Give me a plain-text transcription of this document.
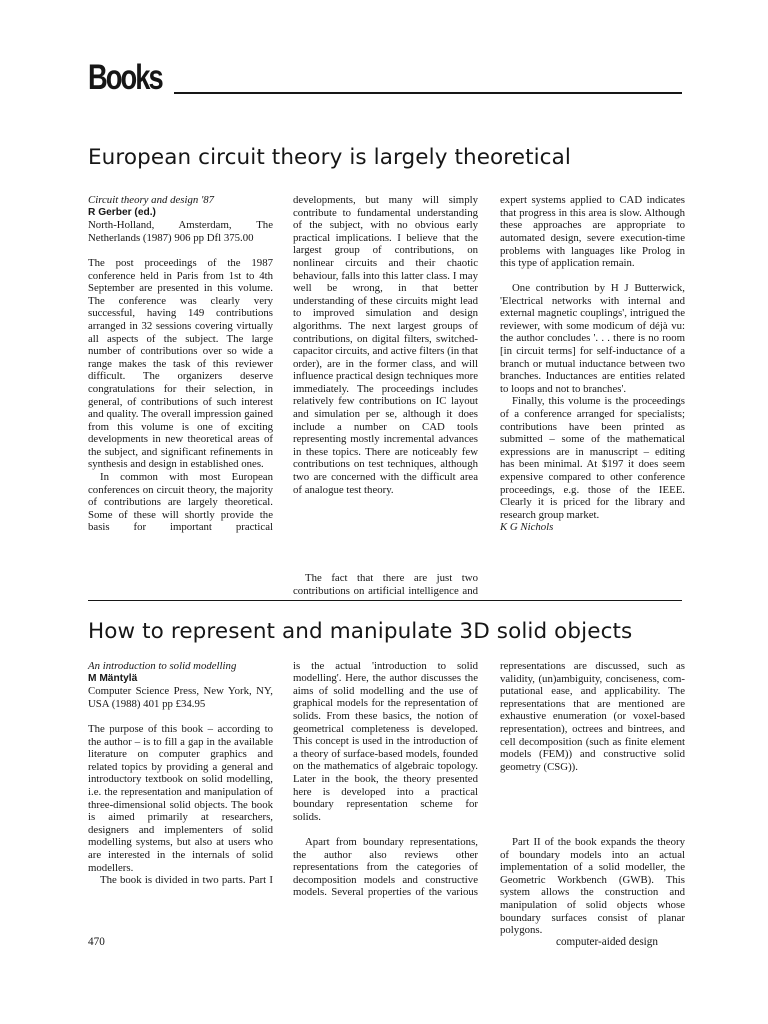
Books
European circuit theory is largely theoretical
Circuit theory and design '87
R Gerber (ed.)

North-Holland, Amsterdam, The Netherlands (1987) 906 pp Dfl 375.00

The post proceedings of the 1987 conference held in Paris from 1st to 4th September are presented in this volume. The conference was clearly very successful, having 149 contributions arranged in 32 sessions covering virtually all aspects of the subject. The large number of contributions over so wide a range makes the task of this reviewer difficult. The organizers deserve congratulations for their selection, in general, of contributions of such interest and quality. The overall impression gained from this volume is one of exciting developments in new theoretical areas of the subject, and significant refinements in synthesis and design in established ones.

In common with most European conferences on circuit theory, the majority of contributions are largely theoretical. Some of these will shortly provide the basis for important practical

developments, but many will simply contribute to fundamental understanding of the subject, with no obvious early practical implications. I believe that the largest group of contributions, on nonlinear circuits and their chaotic behaviour, falls into this latter class. I may well be wrong, in that better understanding of these circuits might lead to improved simulation and design algorithms. The next largest groups of contributions, on digital filters, switched-capacitor circuits, and active filters (in that order), are in the former class, and will influence practical design techniques more immediately. The proceedings includes relatively few contributions on IC layout and simulation per se, although it does include a number on CAD tools representing mostly incremental advances in these topics. There are noticeably few contributions on test techniques, although two are concerned with the difficult area of analogue test theory.

The fact that there are just two contributions on artificial intelligence and

expert systems applied to CAD indicates that progress in this area is slow. Although these approaches are appropriate to automated design, severe execution-time problems with languages like Prolog in this type of application remain.

One contribution by H J Butterwick, 'Electrical networks with internal and external magnetic couplings', intrigued the reviewer, with some modicum of déjà vu: the author concludes '. . . there is no room [in circuit terms] for self-inductance of a branch or mutual inductance between two branches. Inductances are entities related to loops and not to branches'.

Finally, this volume is the proceedings of a conference arranged for specialists; contributions have been printed as submitted – some of the mathematical expressions are in manuscript – editing has been minimal. At $197 it does seem expensive compared to other conference proceedings, e.g. those of the IEEE. Clearly it is priced for the library and research group market.

K G Nichols
How to represent and manipulate 3D solid objects
An introduction to solid modelling
M Mäntylä

Computer Science Press, New York, NY, USA (1988) 401 pp £34.95

The purpose of this book – according to the author – is to fill a gap in the available literature on computer graphics and related topics by providing a general and introductory textbook on solid modelling, i.e. the representation and manipulation of three-dimensional solid objects. The book is aimed primarily at researchers, designers and implementers of solid modelling systems, but also at users who are interested in the internals of solid modellers.

The book is divided in two parts. Part I

is the actual 'introduction to solid modelling'. Here, the author discusses the aims of solid modelling and the use of graphical models for the representation of solids. From these basics, the notion of geometrical completeness is developed. This concept is used in the introduction of a theory of surface-based models, founded on the mathematics of algebraic topology. Later in the book, the theory presented here is developed into a practical boundary representation scheme for solids.

Apart from boundary representations, the author also reviews other representations from the categories of decomposition models and constructive models. Several properties of the various

representations are discussed, such as validity, (un)ambiguity, conciseness, computational ease, and applicability. The representations that are mentioned are exhaustive enumeration (or voxel-based representation), octrees and bintrees, and cell decomposition (such as finite element models (FEM)) and constructive solid geometry (CSG)).

Part II of the book expands the theory of boundary models into an actual implementation of a solid modeller, the Geometric Workbench (GWB). This system allows the construction and manipulation of solid objects whose boundary surfaces consist of planar polygons.

470	computer-aided design
